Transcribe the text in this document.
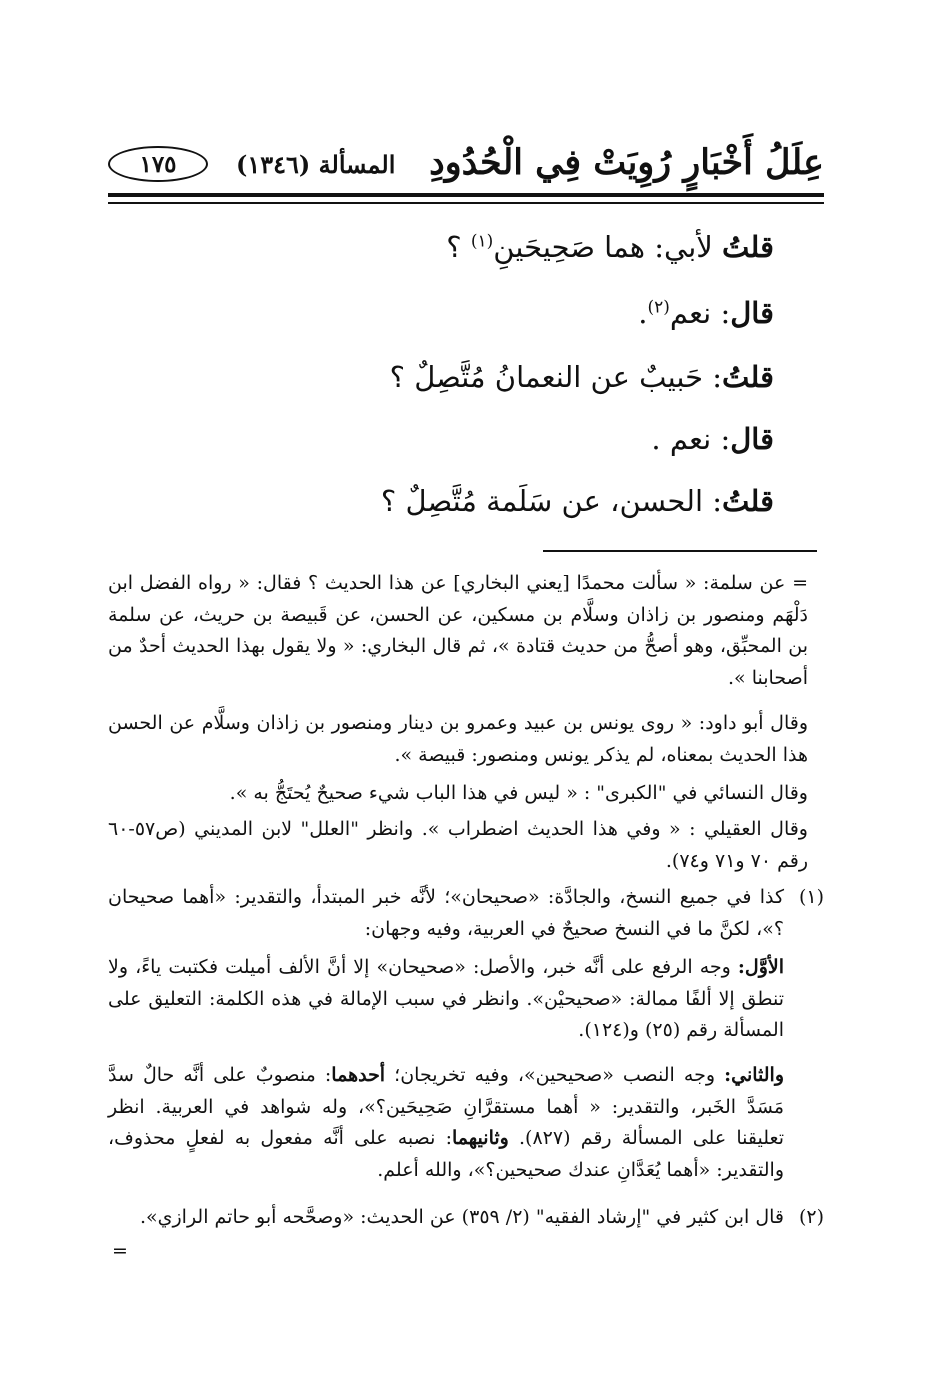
عِلَلُ أَخْبَارٍ رُوِيَتْ فِي الْحُدُودِ
المسألة (١٣٤٦)
١٧٥
قلتُ لأبي: هما صَحِيحَينِ$^{(١)}$ ؟
قال: نعم$^{(٢)}$.
قلتُ: حَبيبٌ عن النعمانُ مُتَّصِلٌ ؟
قال: نعم .
قلتُ: الحسن، عن سَلَمة مُتَّصِلٌ ؟
= عن سلمة: « سألت محمدًا [يعني البخاري] عن هذا الحديث ؟ فقال: « رواه الفضل ابن دَلْهَم ومنصور بن زاذان وسلَّام بن مسكين، عن الحسن، عن قَبيصة بن حريث، عن سلمة بن المحبِّق، وهو أصحُّ من حديث قتادة »، ثم قال البخاري: « ولا يقول بهذا الحديث أحدٌ من أصحابنا ».
وقال أبو داود: « روى يونس بن عبيد وعمرو بن دينار ومنصور بن زاذان وسلَّام عن الحسن هذا الحديث بمعناه، لم يذكر يونس ومنصور: قبيصة ».
وقال النسائي في "الكبرى" : « ليس في هذا الباب شيء صحيحٌ يُحتَجُّ به ».
وقال العقيلي : « وفي هذا الحديث اضطراب ». وانظر "العلل" لابن المديني (ص٥٧-٦٠ رقم ٧٠ و٧١ و٧٤).
(١)
كذا في جميع النسخ، والجادَّة: «صحيحان»؛ لأنَّه خبر المبتدأ، والتقدير: «أهما صحيحان ؟»، لكنَّ ما في النسخ صحيحٌ في العربية، وفيه وجهان:
الأوَّل: وجه الرفع على أنَّه خبر، والأصل: «صحيحان» إلا أنَّ الألف أميلت فكتبت ياءً، ولا تنطق إلا ألفًا ممالة: «صحيحيْن». وانظر في سبب الإمالة في هذه الكلمة: التعليق على المسألة رقم (٢٥) و(١٢٤).
والثاني: وجه النصب «صحيحين»، وفيه تخريجان؛ أحدهما: منصوبٌ على أنَّه حالٌ سدَّ مَسَدَّ الخَبر، والتقدير: « أهما مستقرَّانِ صَحِيحَين؟»، وله شواهد في العربية. انظر تعليقنا على المسألة رقم (٨٢٧). وثانيهما: نصبه على أنَّه مفعول به لفعلٍ محذوف، والتقدير: «أهما يُعَدَّانِ عندك صحيحين؟»، والله أعلم.
(٢)
قال ابن كثير في "إرشاد الفقيه" (٢/ ٣٥٩) عن الحديث: «وصحَّحه أبو حاتم الرازي».
=
